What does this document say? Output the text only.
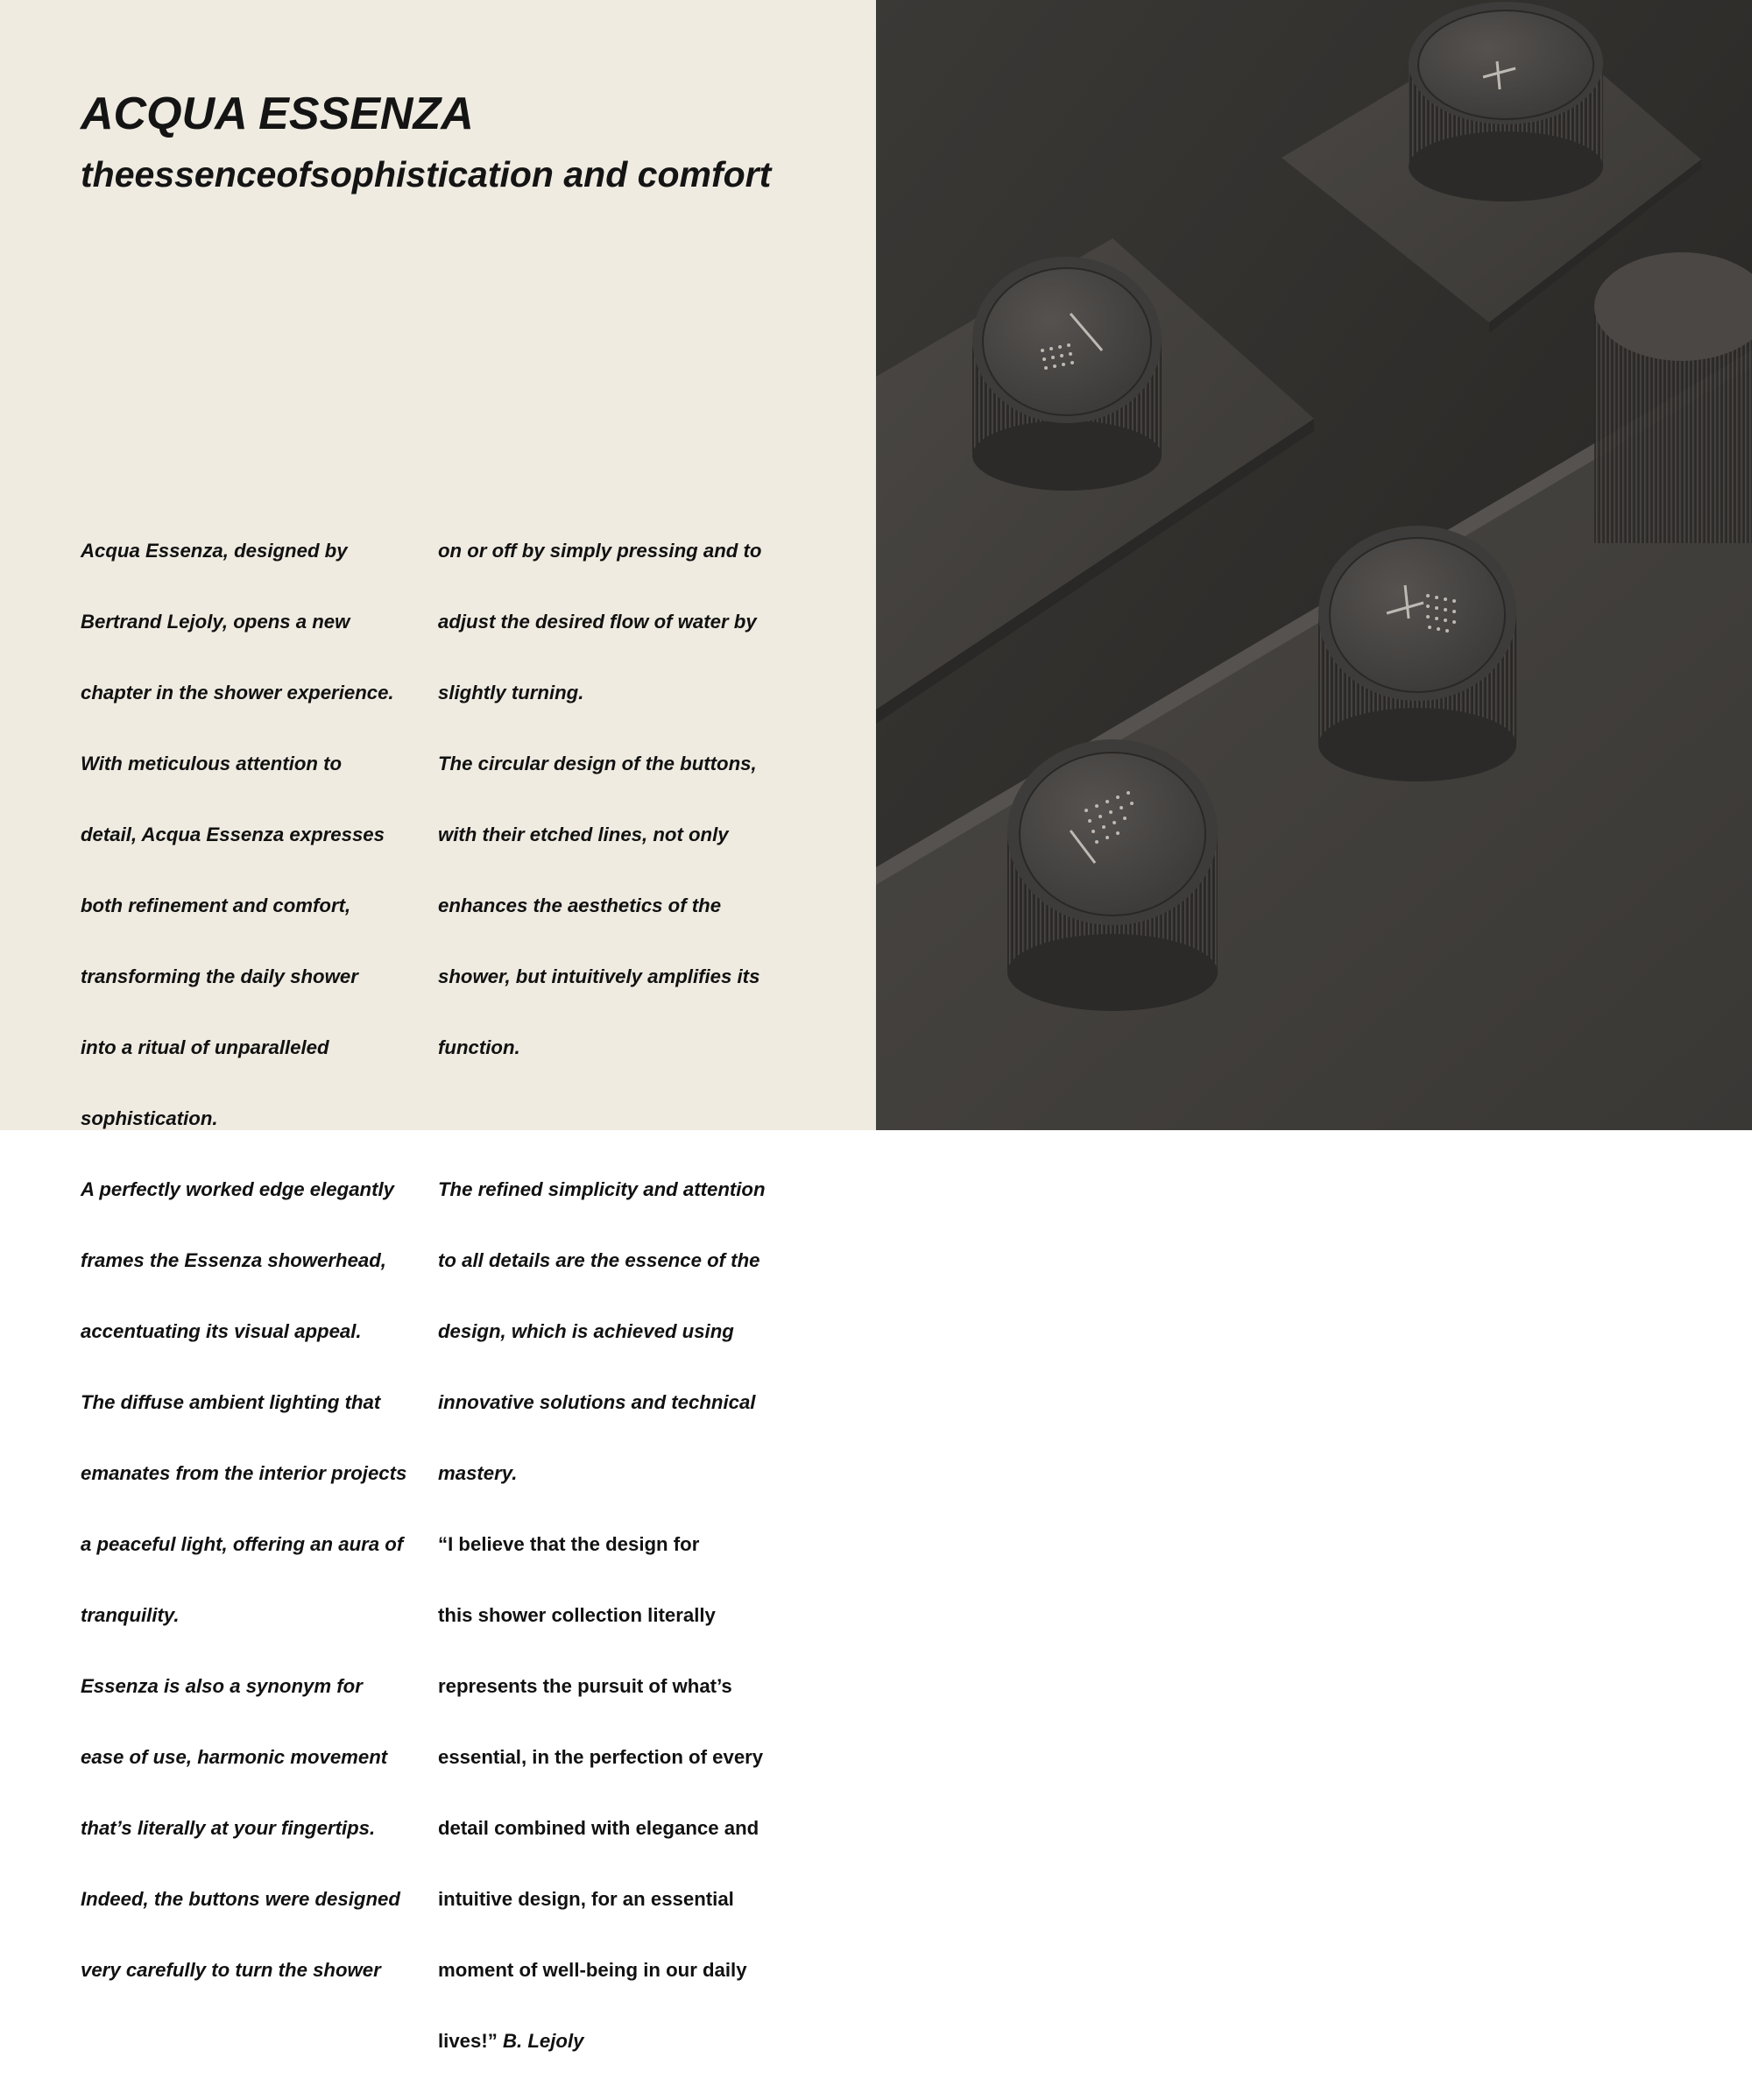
ACQUA ESSENZA
theessenceofsophistication and comfort

Acqua Essenza, designed by

Bertrand Lejoly, opens a new

chapter in the shower experience.

With meticulous attention to

detail, Acqua Essenza expresses

both refinement and comfort,

transforming the daily shower

into a ritual of unparalleled

sophistication.

A perfectly worked edge elegantly

frames the Essenza showerhead,

accentuating its visual appeal.

The diffuse ambient lighting that

emanates from the interior projects

a peaceful light, offering an aura of

tranquility.

Essenza is also a synonym for

ease of use, harmonic movement

that’s literally at your fingertips.

Indeed, the buttons were designed

very carefully to turn the shower

on or off by simply pressing and to

adjust the desired flow of water by

slightly turning.

The circular design of the buttons,

with their etched lines, not only

enhances the aesthetics of the

shower, but intuitively amplifies its

function.

The refined simplicity and attention

to all details are the essence of the

design, which is achieved using

innovative solutions and technical

mastery.

“I believe that the design for

this shower collection literally

represents the pursuit of what’s

essential, in the perfection of every

detail combined with elegance and

intuitive design, for an essential

moment of well-being in our daily

lives!” B. Lejoly
